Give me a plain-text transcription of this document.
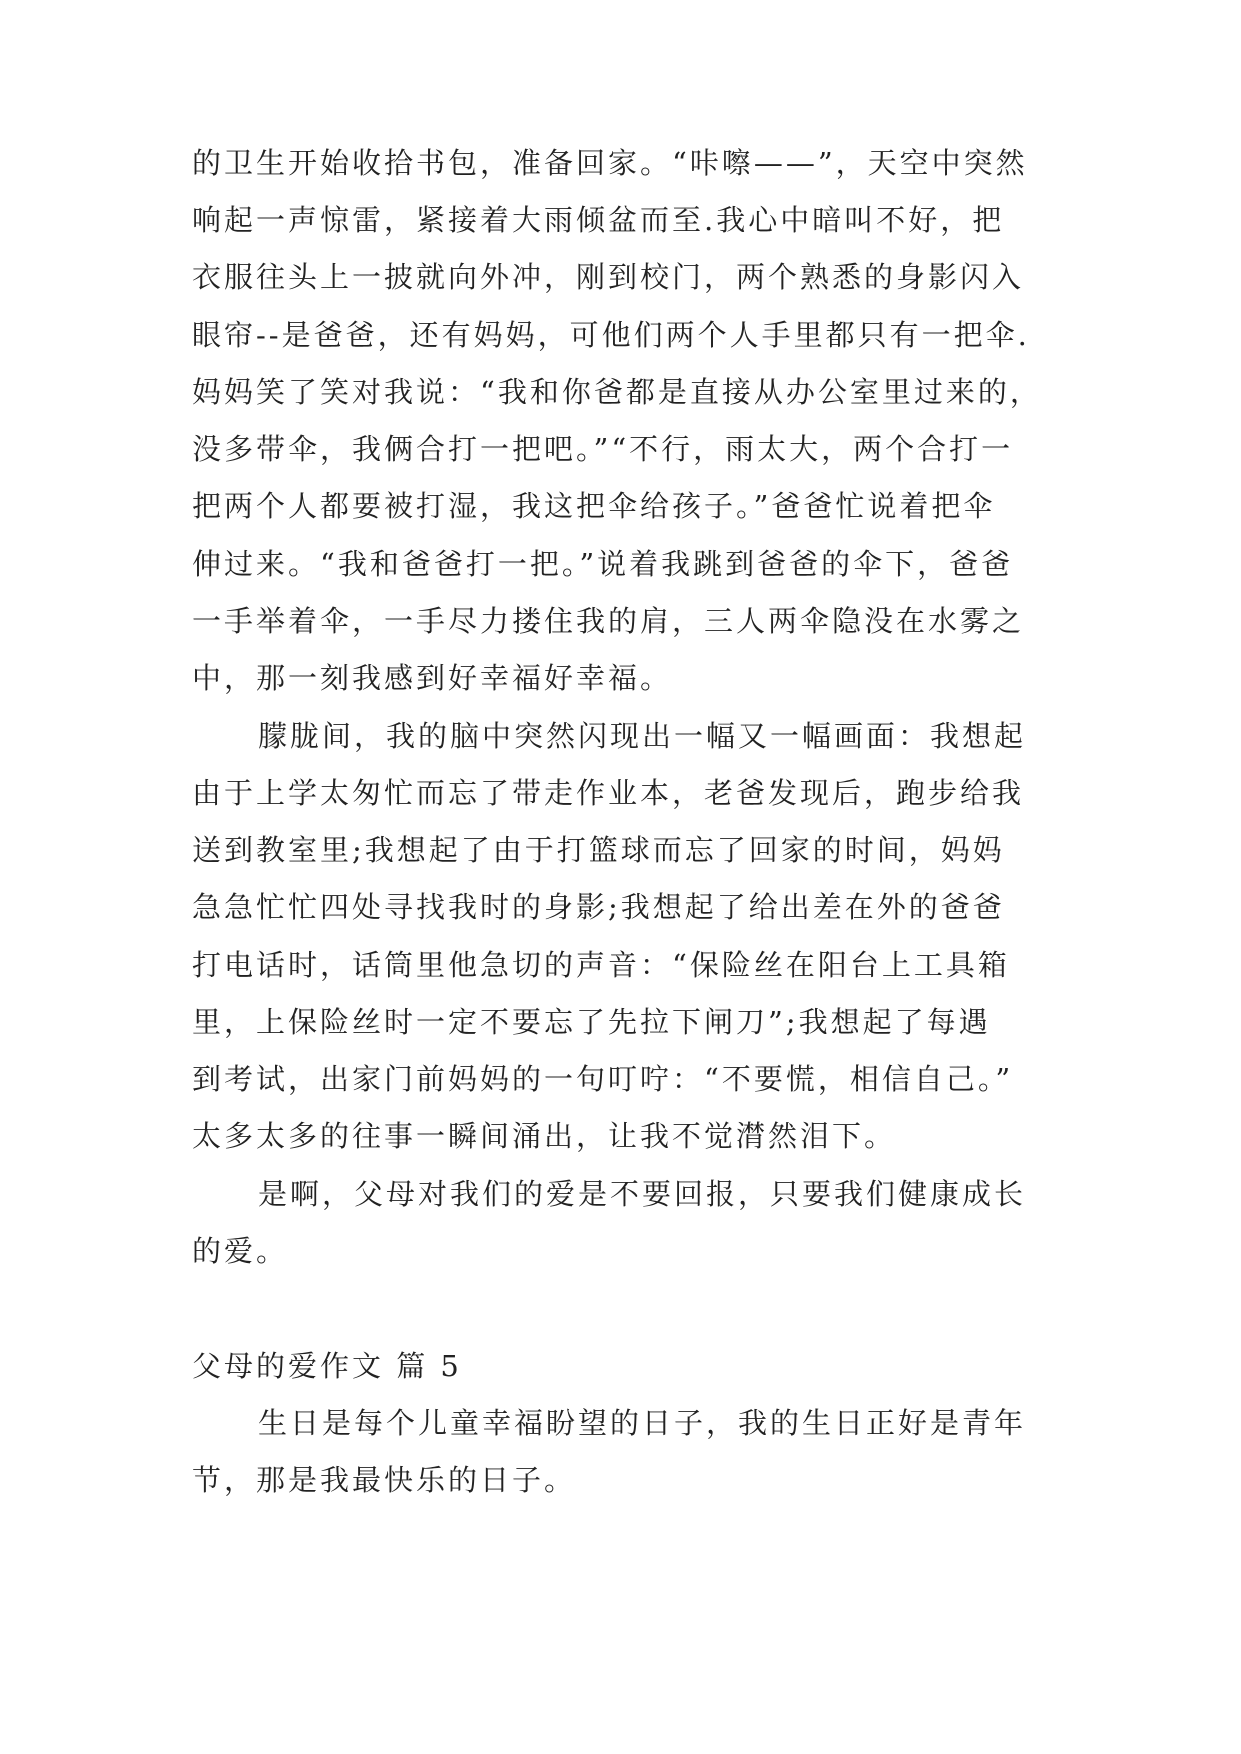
的卫生开始收拾书包，准备回家。“咔嚓——”，天空中突然
响起一声惊雷，紧接着大雨倾盆而至.我心中暗叫不好，把
衣服往头上一披就向外冲，刚到校门，两个熟悉的身影闪入
眼帘--是爸爸，还有妈妈，可他们两个人手里都只有一把伞.
妈妈笑了笑对我说：“我和你爸都是直接从办公室里过来的，
没多带伞，我俩合打一把吧。”“不行，雨太大，两个合打一
把两个人都要被打湿，我这把伞给孩子。”爸爸忙说着把伞
伸过来。“我和爸爸打一把。”说着我跳到爸爸的伞下，爸爸
一手举着伞，一手尽力搂住我的肩，三人两伞隐没在水雾之
中，那一刻我感到好幸福好幸福。
朦胧间，我的脑中突然闪现出一幅又一幅画面：我想起
由于上学太匆忙而忘了带走作业本，老爸发现后，跑步给我
送到教室里;我想起了由于打篮球而忘了回家的时间，妈妈
急急忙忙四处寻找我时的身影;我想起了给出差在外的爸爸
打电话时，话筒里他急切的声音：“保险丝在阳台上工具箱
里，上保险丝时一定不要忘了先拉下闸刀”;我想起了每遇
到考试，出家门前妈妈的一句叮咛：“不要慌，相信自己。”
太多太多的往事一瞬间涌出，让我不觉潸然泪下。
是啊，父母对我们的爱是不要回报，只要我们健康成长
的爱。
父母的爱作文 篇 5
生日是每个儿童幸福盼望的日子，我的生日正好是青年
节，那是我最快乐的日子。
